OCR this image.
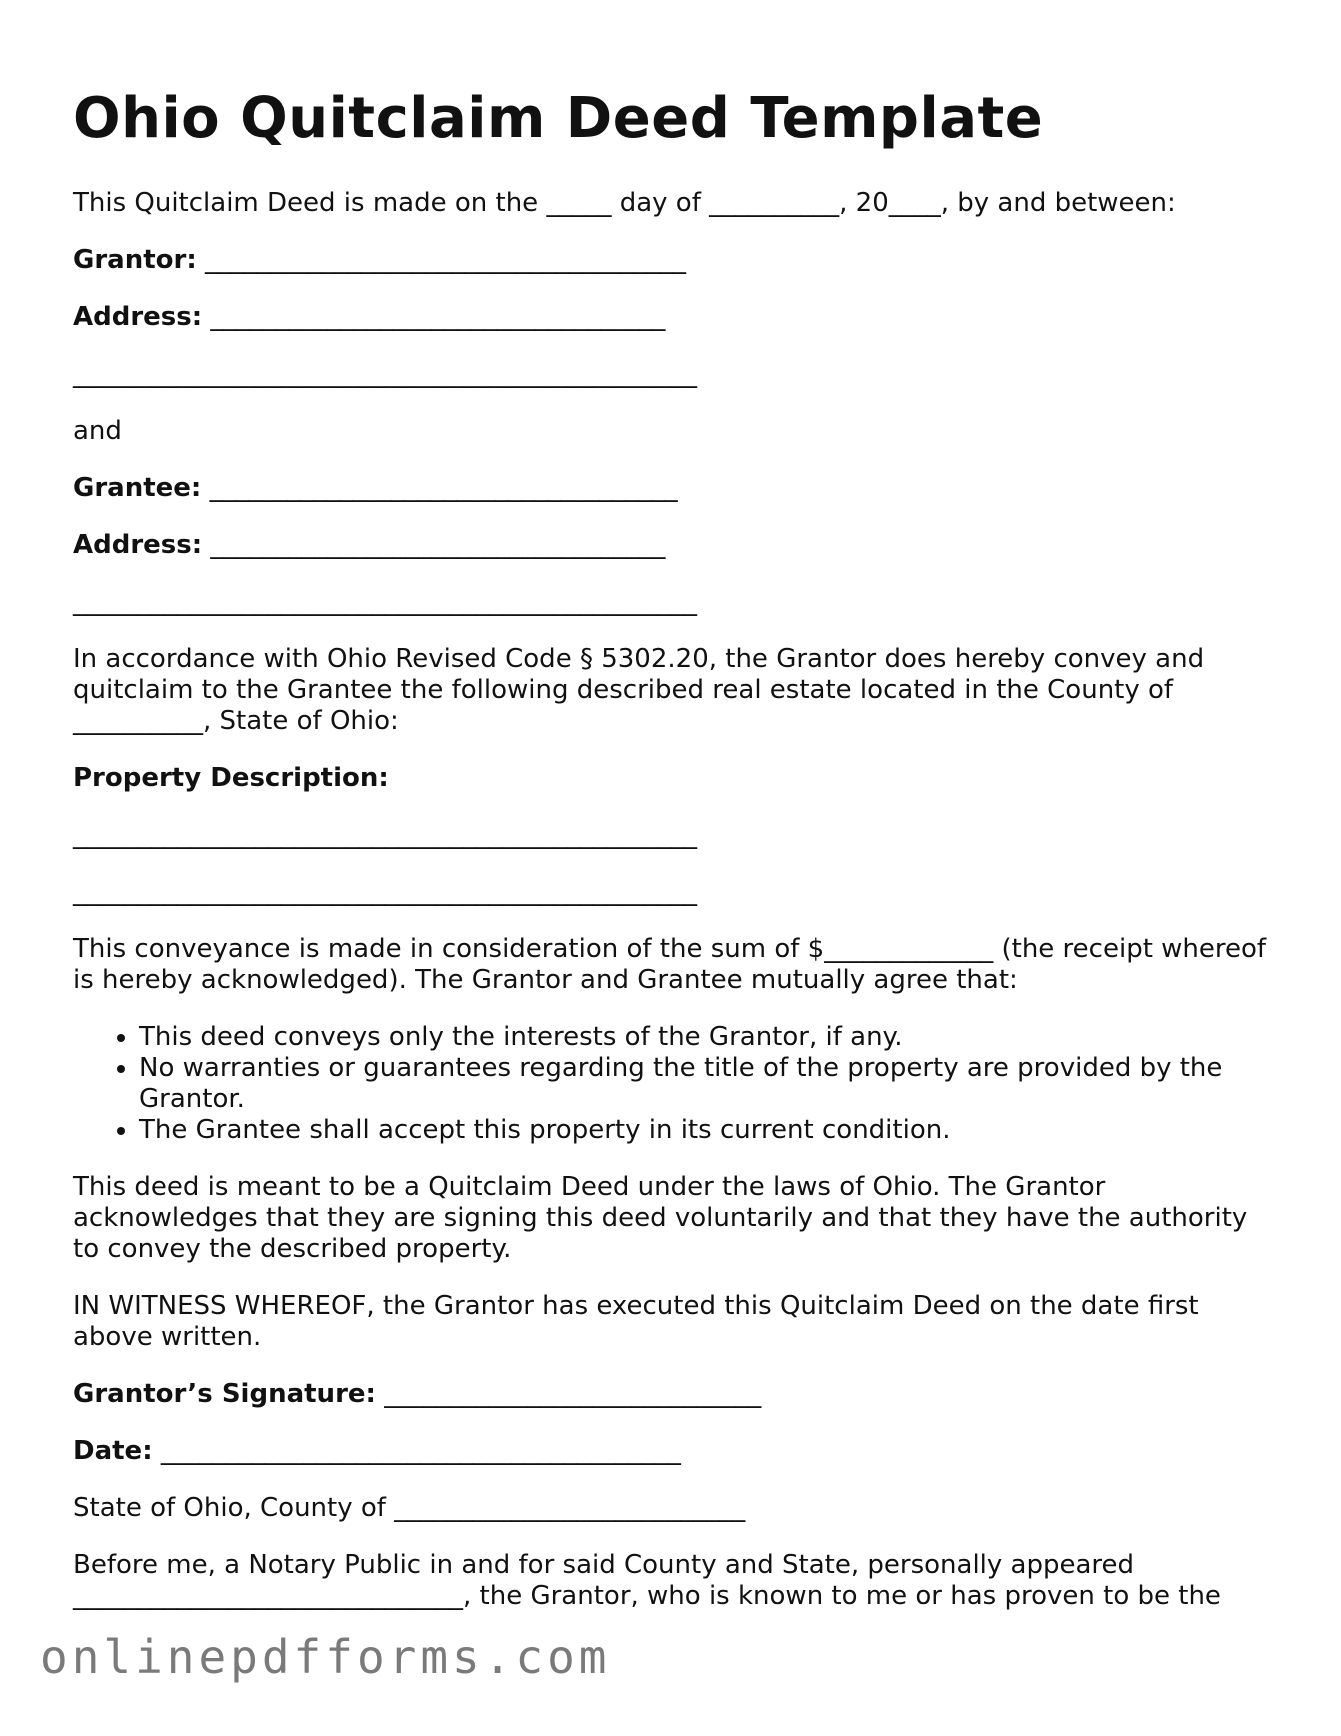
Ohio Quitclaim Deed Template

This Quitclaim Deed is made on the _____ day of __________, 20____, by and between:

Grantor: _____________________________________

Address: ___________________________________

________________________________________________

and

Grantee: ____________________________________

Address: ___________________________________

________________________________________________

In accordance with Ohio Revised Code § 5302.20, the Grantor does hereby convey and quitclaim to the Grantee the following described real estate located in the County of __________, State of Ohio:

Property Description:

________________________________________________

________________________________________________

This conveyance is made in consideration of the sum of $_____________ (the receipt whereof is hereby acknowledged). The Grantor and Grantee mutually agree that:

• This deed conveys only the interests of the Grantor, if any.
• No warranties or guarantees regarding the title of the property are provided by the Grantor.
• The Grantee shall accept this property in its current condition.

This deed is meant to be a Quitclaim Deed under the laws of Ohio. The Grantor acknowledges that they are signing this deed voluntarily and that they have the authority to convey the described property.

IN WITNESS WHEREOF, the Grantor has executed this Quitclaim Deed on the date first above written.

Grantor’s Signature: _____________________________

Date: ________________________________________

State of Ohio, County of ___________________________

Before me, a Notary Public in and for said County and State, personally appeared ______________________________, the Grantor, who is known to me or has proven to be the

onlinepdfforms.com
